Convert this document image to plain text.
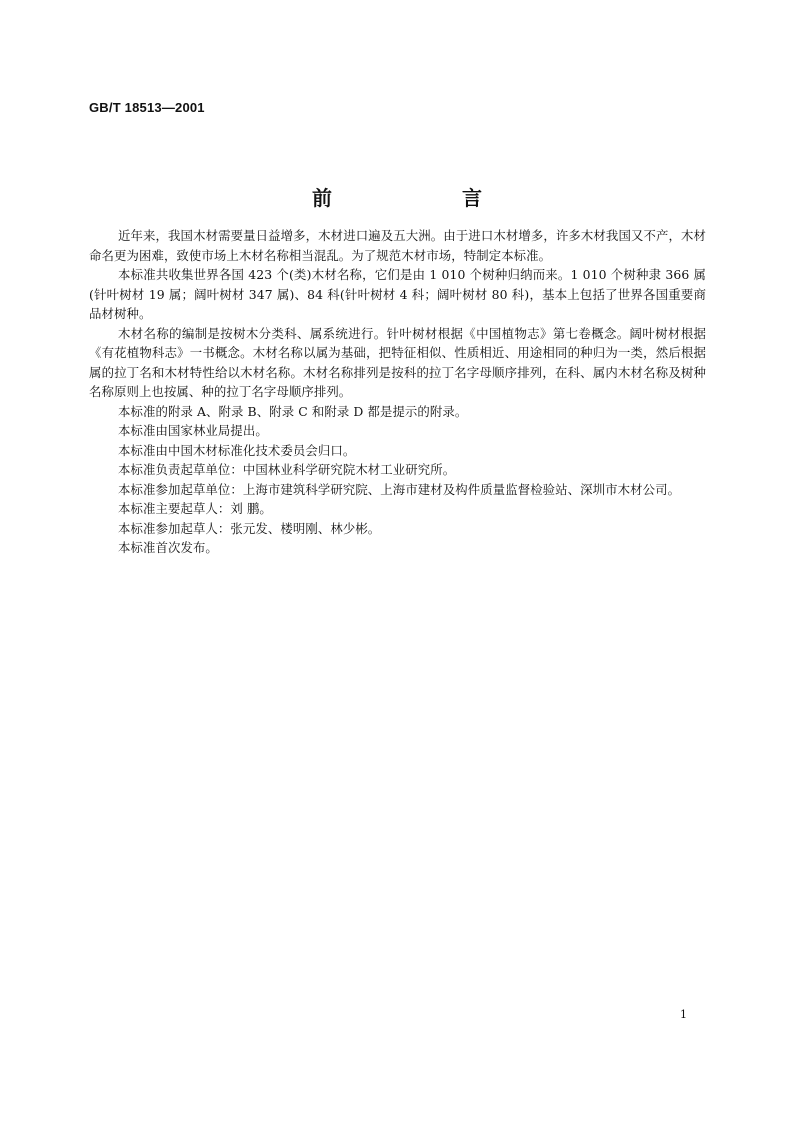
GB/T 18513—2001
前　　言

近年来，我国木材需要量日益增多，木材进口遍及五大洲。由于进口木材增多，许多木材我国又不产，木材命名更为困难，致使市场上木材名称相当混乱。为了规范木材市场，特制定本标准。

本标准共收集世界各国 423 个(类)木材名称，它们是由 1 010 个树种归纳而来。1 010 个树种隶 366 属(针叶树材 19 属；阔叶树材 347 属)、84 科(针叶树材 4 科；阔叶树材 80 科)，基本上包括了世界各国重要商品材树种。

木材名称的编制是按树木分类科、属系统进行。针叶树材根据《中国植物志》第七卷概念。阔叶树材根据《有花植物科志》一书概念。木材名称以属为基础，把特征相似、性质相近、用途相同的种归为一类，然后根据属的拉丁名和木材特性给以木材名称。木材名称排列是按科的拉丁名字母顺序排列，在科、属内木材名称及树种名称原则上也按属、种的拉丁名字母顺序排列。

本标准的附录 A、附录 B、附录 C 和附录 D 都是提示的附录。

本标准由国家林业局提出。

本标准由中国木材标准化技术委员会归口。

本标准负责起草单位：中国林业科学研究院木材工业研究所。

本标准参加起草单位：上海市建筑科学研究院、上海市建材及构件质量监督检验站、深圳市木材公司。

本标准主要起草人：刘 鹏。

本标准参加起草人：张元发、楼明刚、林少彬。

本标准首次发布。

1
